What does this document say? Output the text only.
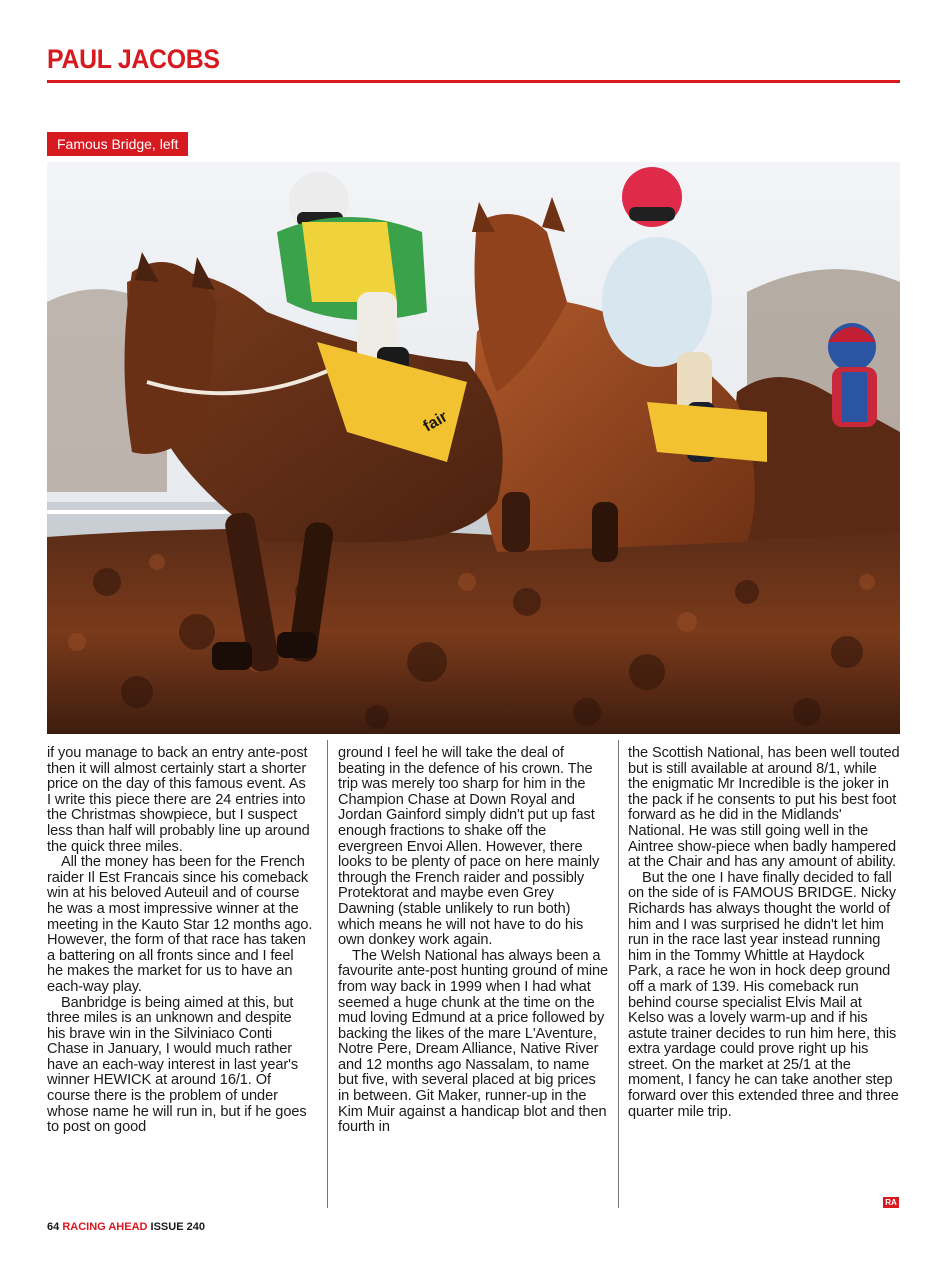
PAUL JACOBS
fair
Famous Bridge, left

if you manage to back an entry ante-post then it will almost certainly start a shorter price on the day of this famous event. As I write this piece there are 24 entries into the Christmas showpiece, but I suspect less than half will probably line up around the quick three miles.

All the money has been for the French raider Il Est Francais since his comeback win at his beloved Auteuil and of course he was a most impressive winner at the meeting in the Kauto Star 12 months ago. However, the form of that race has taken a battering on all fronts since and I feel he makes the market for us to have an each-way play.

Banbridge is being aimed at this, but three miles is an unknown and despite his brave win in the Silviniaco Conti Chase in January, I would much rather have an each-way interest in last year's winner HEWICK at around 16/1. Of course there is the problem of under whose name he will run in, but if he goes to post on good

ground I feel he will take the deal of beating in the defence of his crown. The trip was merely too sharp for him in the Champion Chase at Down Royal and Jordan Gainford simply didn't put up fast enough fractions to shake off the evergreen Envoi Allen. However, there looks to be plenty of pace on here mainly through the French raider and possibly Protektorat and maybe even Grey Dawning (stable unlikely to run both) which means he will not have to do his own donkey work again.

The Welsh National has always been a favourite ante-post hunting ground of mine from way back in 1999 when I had what seemed a huge chunk at the time on the mud loving Edmund at a price followed by backing the likes of the mare L'Aventure, Notre Pere, Dream Alliance, Native River and 12 months ago Nassalam, to name but five, with several placed at big prices in between. Git Maker, runner-up in the Kim Muir against a handicap blot and then fourth in

the Scottish National, has been well touted but is still available at around 8/1, while the enigmatic Mr Incredible is the joker in the pack if he consents to put his best foot forward as he did in the Midlands' National. He was still going well in the Aintree show-piece when badly hampered at the Chair and has any amount of ability.

But the one I have finally decided to fall on the side of is FAMOUS BRIDGE. Nicky Richards has always thought the world of him and I was surprised he didn't let him run in the race last year instead running him in the Tommy Whittle at Haydock Park, a race he won in hock deep ground off a mark of 139. His comeback run behind course specialist Elvis Mail at Kelso was a lovely warm-up and if his astute trainer decides to run him here, this extra yardage could prove right up his street. On the market at 25/1 at the moment, I fancy he can take another step forward over this extended three and three quarter mile trip.

RA
64 RACING AHEAD ISSUE 240
